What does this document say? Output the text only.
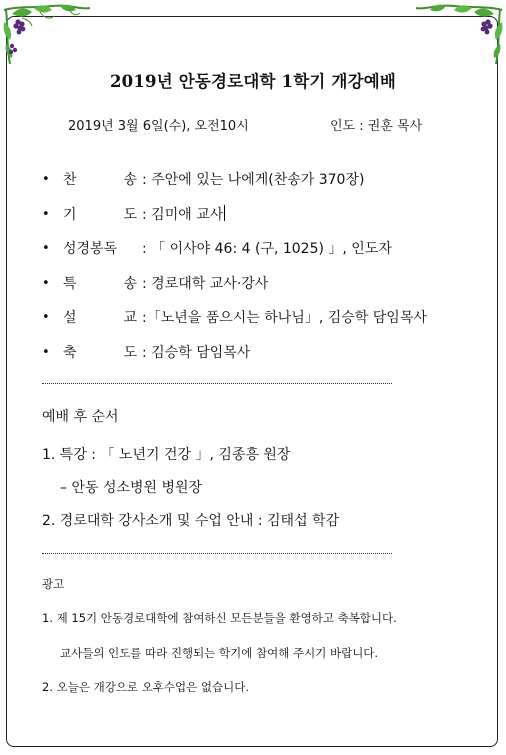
2019년 안동경로대학 1학기 개강예배
2019년 3월 6일(수), 오전10시	인도 : 권훈 목사
• 찬	송 : 주안에 있는 나에게(찬송가 370장)
• 기	도 : 김미애 교사
• 성경봉독 : 「 이사야 46: 4 (구, 1025) 」, 인도자
• 특	송 : 경로대학 교사·강사
• 설	교 :「노년을 품으시는 하나님」, 김승학 담임목사
• 축	도 : 김승학 담임목사
예배 후 순서
1. 특강 : 「 노년기 건강 」, 김종흥 원장
– 안동 성소병원 병원장
2. 경로대학 강사소개 및 수업 안내 : 김태섭 학감
광고
1. 제 15기 안동경로대학에 참여하신 모든분들을 환영하고 축복합니다.
교사들의 인도를 따라 진행되는 학기에 참여해 주시기 바랍니다.
2. 오늘은 개강으로 오후수업은 없습니다.
